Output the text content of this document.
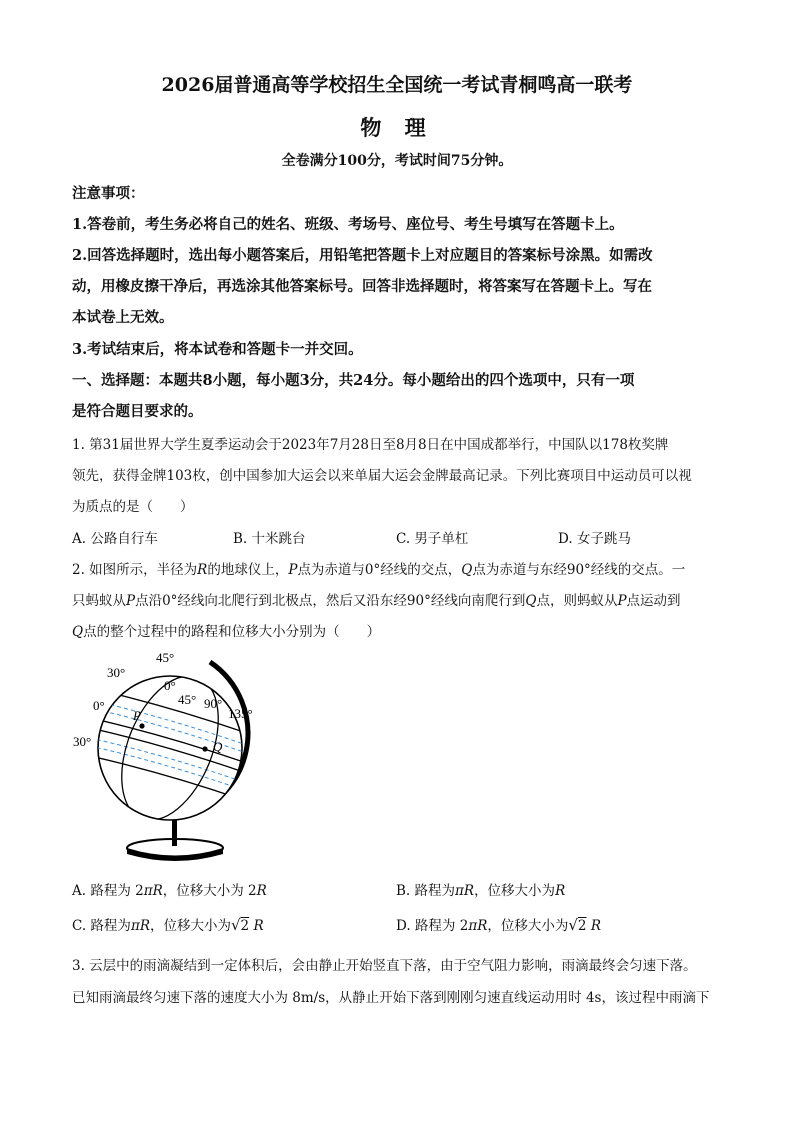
2026届普通高等学校招生全国统一考试青桐鸣高一联考
物 理
全卷满分100分，考试时间75分钟。
注意事项：
1.答卷前，考生务必将自己的姓名、班级、考场号、座位号、考生号填写在答题卡上。
2.回答选择题时，选出每小题答案后，用铅笔把答题卡上对应题目的答案标号涂黑。如需改
动，用橡皮擦干净后，再选涂其他答案标号。回答非选择题时，将答案写在答题卡上。写在
本试卷上无效。
3.考试结束后，将本试卷和答题卡一并交回。
一、选择题：本题共8小题，每小题3分，共24分。每小题给出的四个选项中，只有一项
是符合题目要求的。
1. 第31届世界大学生夏季运动会于2023年7月28日至8月8日在中国成都举行，中国队以178枚奖牌
领先，获得金牌103枚，创中国参加大运会以来单届大运会金牌最高记录。下列比赛项目中运动员可以视
为质点的是（　　）
A. 公路自行车	B. 十米跳台	C. 男子单杠	D. 女子跳马
2. 如图所示，半径为R的地球仪上，P点为赤道与0°经线的交点，Q点为赤道与东经90°经线的交点。一
只蚂蚁从P点沿0°经线向北爬行到北极点，然后又沿东经90°经线向南爬行到Q点，则蚂蚁从P点运动到
Q点的整个过程中的路程和位移大小分别为（　　）
30°
45°
0°
45° 90°
135°
0°
30°
P
Q
A. 路程为 2πR，位移大小为 2R	B. 路程为πR，位移大小为R
C. 路程为πR，位移大小为√2 R	D. 路程为 2πR，位移大小为√2 R
3. 云层中的雨滴凝结到一定体积后，会由静止开始竖直下落，由于空气阻力影响，雨滴最终会匀速下落。
已知雨滴最终匀速下落的速度大小为 8m/s，从静止开始下落到刚刚匀速直线运动用时 4s，该过程中雨滴下
